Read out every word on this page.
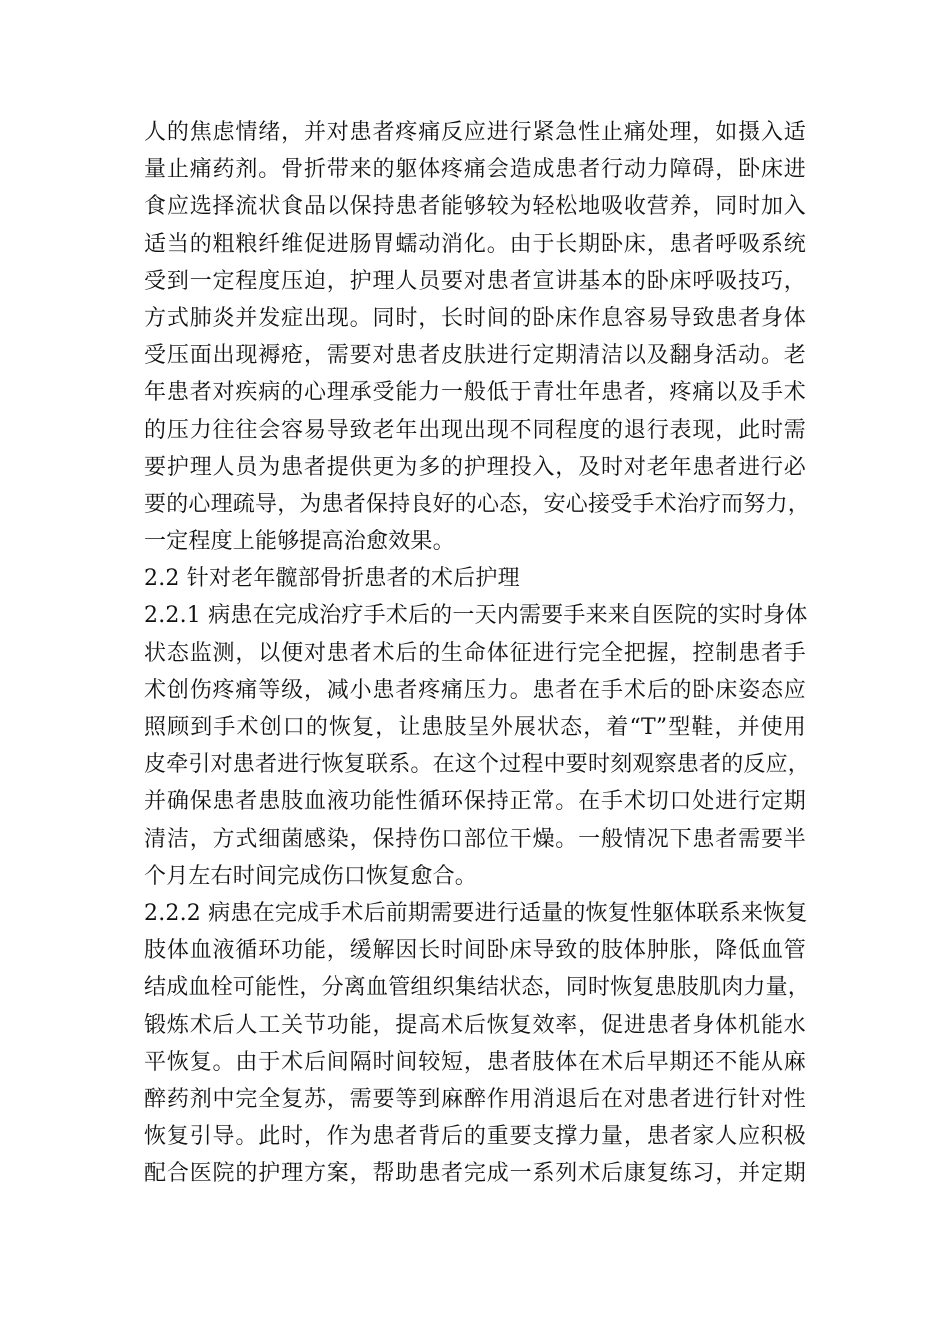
人的焦虑情绪，并对患者疼痛反应进行紧急性止痛处理，如摄入适
量止痛药剂。骨折带来的躯体疼痛会造成患者行动力障碍，卧床进
食应选择流状食品以保持患者能够较为轻松地吸收营养，同时加入
适当的粗粮纤维促进肠胃蠕动消化。由于长期卧床，患者呼吸系统
受到一定程度压迫，护理人员要对患者宣讲基本的卧床呼吸技巧，
方式肺炎并发症出现。同时，长时间的卧床作息容易导致患者身体
受压面出现褥疮，需要对患者皮肤进行定期清洁以及翻身活动。老
年患者对疾病的心理承受能力一般低于青壮年患者，疼痛以及手术
的压力往往会容易导致老年出现出现不同程度的退行表现，此时需
要护理人员为患者提供更为多的护理投入，及时对老年患者进行必
要的心理疏导，为患者保持良好的心态，安心接受手术治疗而努力，
一定程度上能够提高治愈效果。
2.2 针对老年髋部骨折患者的术后护理
2.2.1 病患在完成治疗手术后的一天内需要手来来自医院的实时身体
状态监测，以便对患者术后的生命体征进行完全把握，控制患者手
术创伤疼痛等级，减小患者疼痛压力。患者在手术后的卧床姿态应
照顾到手术创口的恢复，让患肢呈外展状态，着“T”型鞋，并使用
皮牵引对患者进行恢复联系。在这个过程中要时刻观察患者的反应，
并确保患者患肢血液功能性循环保持正常。在手术切口处进行定期
清洁，方式细菌感染，保持伤口部位干燥。一般情况下患者需要半
个月左右时间完成伤口恢复愈合。
2.2.2 病患在完成手术后前期需要进行适量的恢复性躯体联系来恢复
肢体血液循环功能，缓解因长时间卧床导致的肢体肿胀，降低血管
结成血栓可能性，分离血管组织集结状态，同时恢复患肢肌肉力量，
锻炼术后人工关节功能，提高术后恢复效率，促进患者身体机能水
平恢复。由于术后间隔时间较短，患者肢体在术后早期还不能从麻
醉药剂中完全复苏，需要等到麻醉作用消退后在对患者进行针对性
恢复引导。此时，作为患者背后的重要支撑力量，患者家人应积极
配合医院的护理方案，帮助患者完成一系列术后康复练习，并定期
